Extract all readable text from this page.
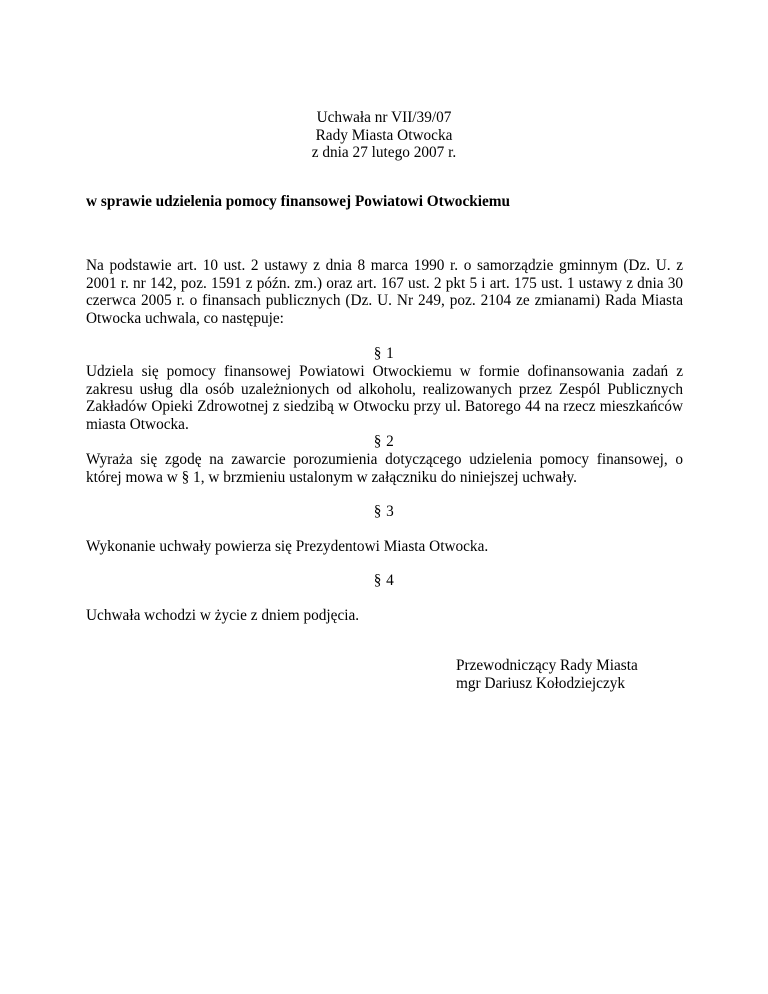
Uchwała nr VII/39/07
Rady Miasta Otwocka
z dnia 27 lutego 2007 r.
w sprawie udzielenia pomocy finansowej Powiatowi Otwockiemu

Na podstawie art. 10 ust. 2 ustawy z dnia 8 marca 1990 r. o samorządzie gminnym (Dz. U. z 2001 r. nr 142, poz. 1591 z późn. zm.) oraz art. 167 ust. 2 pkt 5 i art. 175 ust. 1 ustawy z dnia 30 czerwca 2005 r. o finansach publicznych (Dz. U. Nr 249, poz. 2104 ze zmianami) Rada Miasta Otwocka uchwala, co następuje:

§ 1

Udziela się pomocy finansowej Powiatowi Otwockiemu w formie dofinansowania zadań z zakresu usług dla osób uzależnionych od alkoholu, realizowanych przez Zespól Publicznych Zakładów Opieki Zdrowotnej z siedzibą w Otwocku przy ul. Batorego 44 na rzecz mieszkańców miasta Otwocka.

§ 2

Wyraża się zgodę na zawarcie porozumienia dotyczącego udzielenia pomocy finansowej, o której mowa w § 1, w brzmieniu ustalonym w załączniku do niniejszej uchwały.

§ 3

Wykonanie uchwały powierza się Prezydentowi Miasta Otwocka.

§ 4

Uchwała wchodzi w życie z dniem podjęcia.

Przewodniczący Rady Miasta
mgr Dariusz Kołodziejczyk
